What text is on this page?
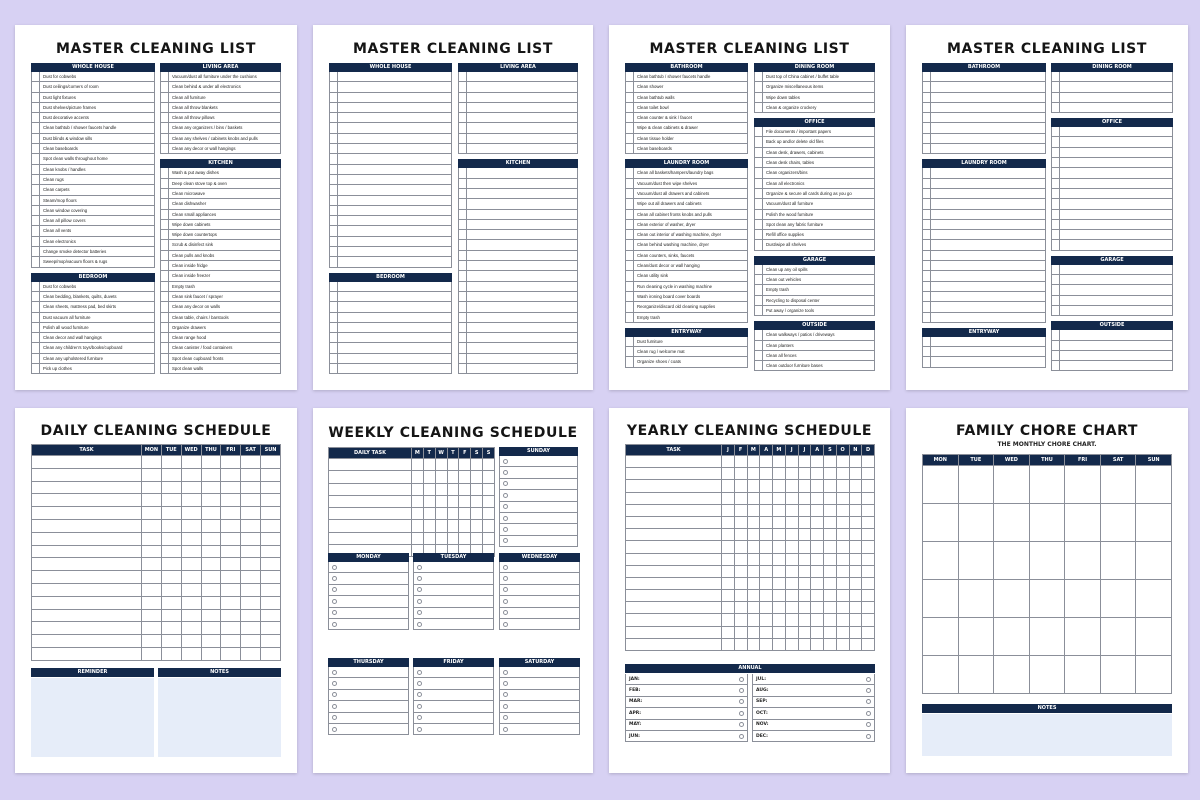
MASTER CLEANING LIST
WHOLE HOUSE
Dust for cobwebs
Dust ceilings/corners of room
Dust light fixtures
Dust shelves/picture frames
Dust decorative accents
Clean bathtub / shower faucets handle
Dust blinds & window sills
Clean baseboards
Spot clean walls throughout home
Clean knobs / handles
Clean rugs
Clean carpets
Steam/mop floors
Clean window covering
Clean all pillow covers
Clean all vents
Clean electronics
Change smoke detector batteries
Sweep/mop/vacuum floors & rugs
BEDROOM
Dust for cobwebs
Clean bedding, blankets, quilts, duvets
Clean sheets, mattress pad, bed skirts
Dust vacuum all furniture
Polish all wood furniture
Clean decor and wall hangings
Clean any children's toys/books/cupboard
Clean any upholstered furniture
Pick up clothes
LIVING AREA
Vacuum/dust all furniture under the cushions
Clean behind & under all electronics
Clean all furniture
Clean all throw blankets
Clean all throw pillows
Clean any organizers / bins / baskets
Clean any shelves / cabinets knobs and pulls
Clean any decor or wall hangings
KITCHEN
Wash & put away dishes
Deep clean stove top & oven
Clean microwave
Clean dishwasher
Clean small appliances
Wipe down cabinets
Wipe down countertops
Scrub & disinfect sink
Clean pulls and knobs
Clean inside fridge
Clean inside freezer
Empty trash
Clean sink faucet / sprayer
Clean any decor on walls
Clean table, chairs / barstools
Organize drawers
Clean range hood
Clean canister / food containers
Spot clean cupboard fronts
Spot clean walls
MASTER CLEANING LIST
WHOLE HOUSE
BEDROOM
LIVING AREA
KITCHEN
MASTER CLEANING LIST
BATHROOM
Clean bathtub / shower faucets handle
Clean shower
Clean bathtub walls
Clean toilet bowl
Clean counter & sink / faucet
Wipe & clean cabinets & drawer
Clean tissue holder
Clean baseboards
LAUNDRY ROOM
Clean all baskets/hampers/laundry bags
Vacuum/dust then wipe shelves
Vacuum/dust all drawers and cabinets
Wipe out all drawers and cabinets
Clean all cabinet fronts knobs and pulls
Clean exterior of washer, dryer
Clean out interior of washing machine, dryer
Clean behind washing machine, dryer
Clean counters, sinks, faucets
Clean/dust decor or wall hanging
Clean utility sink
Run cleaning cycle in washing machine
Wash ironing board cover boards
Reorganize/discard old cleaning supplies
Empty trash
ENTRYWAY
Dust furniture
Clean rug / welcome mat
Organize shoes / coats
DINING ROOM
Dust top of China cabinet / buffet table
Organize miscellaneous items
Wipe down tables
Clean & organize crockery
OFFICE
File documents / important papers
Back up and/or delete old files
Clean desk, drawers, cabinets
Clean desk chairs, tables
Clean organizers/bins
Clean all electronics
Organize & secure all cards during as you go
Vacuum/dust all furniture
Polish the wood furniture
Spot clean any fabric furniture
Refill office supplies
Dust/wipe all shelves
GARAGE
Clean up any oil spills
Clean out vehicles
Empty trash
Recycling to disposal center
Put away / organize tools
OUTSIDE
Clean walkways / patios / driveways
Clean planters
Clean all fences
Clean outdoor furniture bases
MASTER CLEANING LIST
BATHROOM
LAUNDRY ROOM
ENTRYWAY
DINING ROOM
OFFICE
GARAGE
OUTSIDE
DAILY CLEANING SCHEDULE
TASK	MON	TUE	WED	THU	FRI	SAT	SUN

REMINDER	NOTES
WEEKLY CLEANING SCHEDULE
DAILY TASK	M	T	W	T	F	S	S

								SUNDAY
MONDAY	TUESDAY	WEDNESDAY
THURSDAY	FRIDAY	SATURDAY
YEARLY CLEANING SCHEDULE
TASK	J	F	M	A	M	J	J	A	S	O	N	D

ANNUAL
JAN:
FEB:
MAR:
APR:
MAY:
JUN:
JUL:
AUG:
SEP:
OCT:
NOV:
DEC:
FAMILY CHORE CHART
THE MONTHLY CHORE CHART.
MON	TUE	WED	THU	FRI	SAT	SUN

NOTES
